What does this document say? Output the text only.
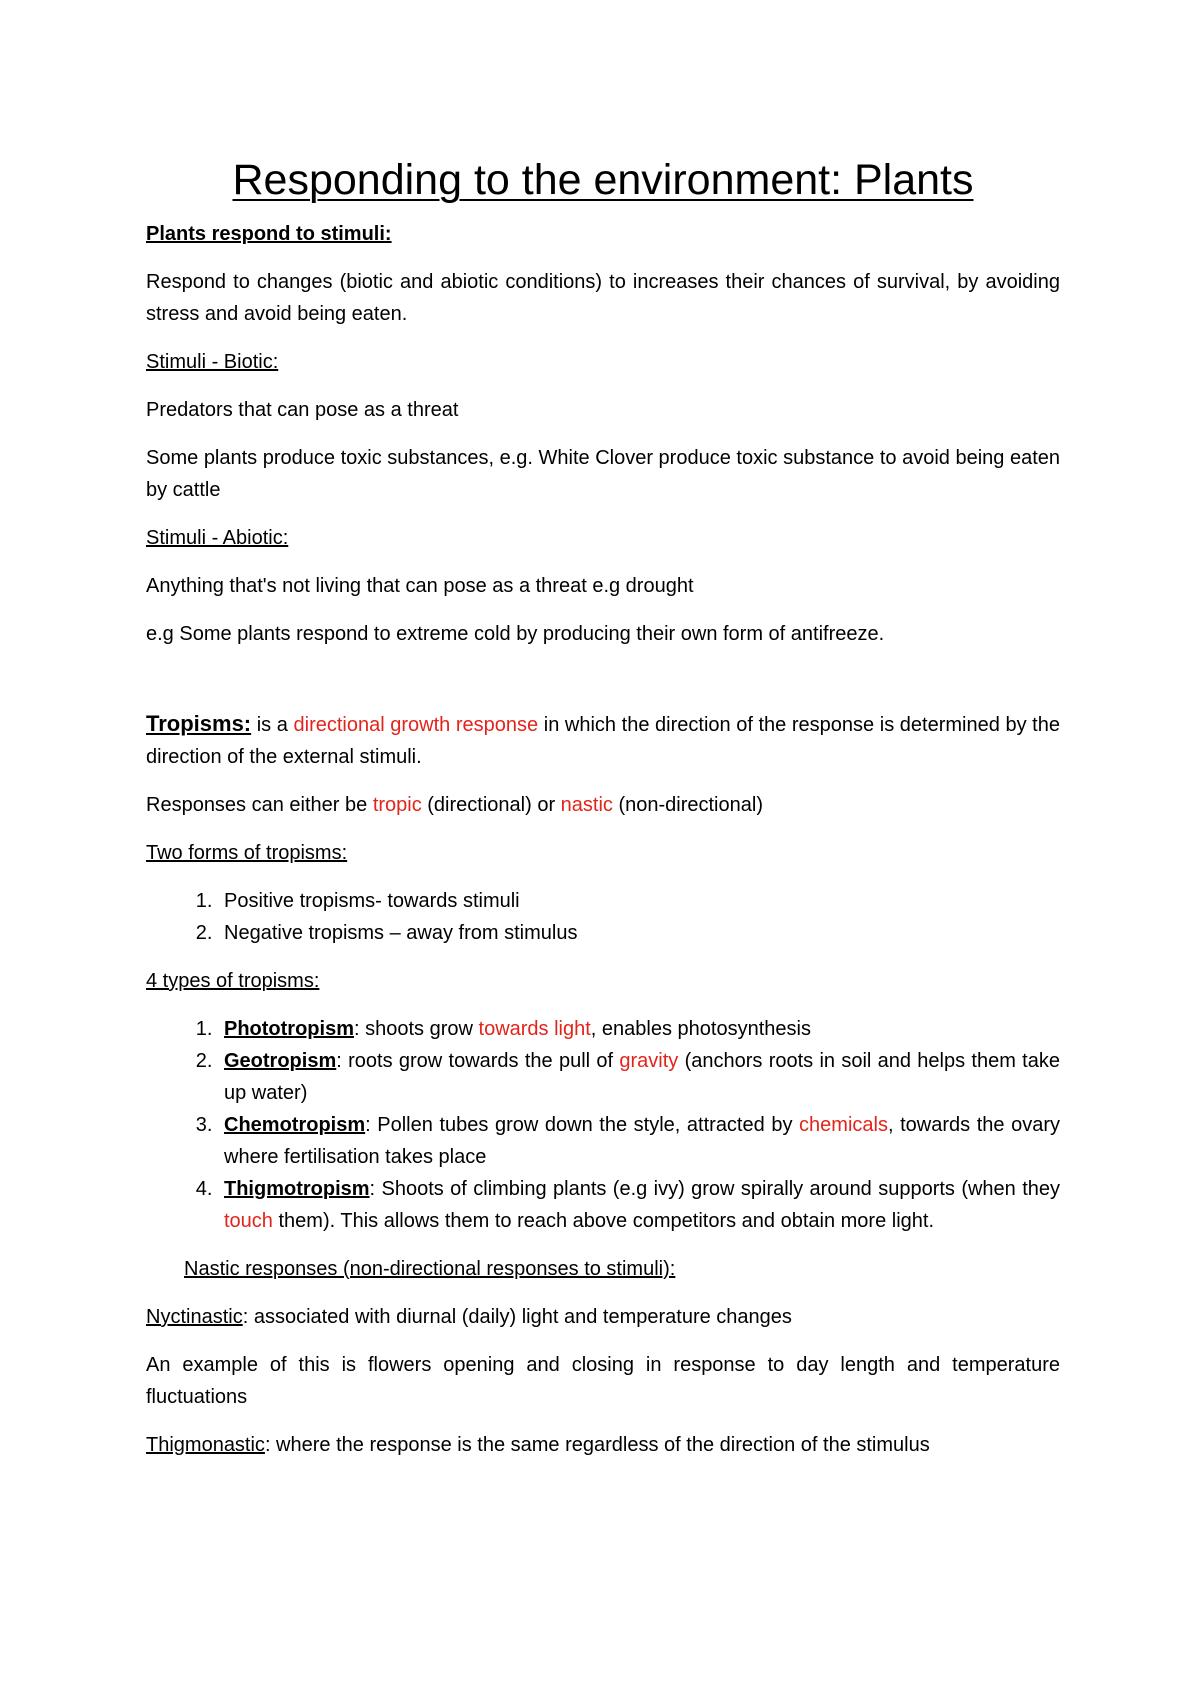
Responding to the environment: Plants

Plants respond to stimuli:

Respond to changes (biotic and abiotic conditions) to increases their chances of survival, by avoiding stress and avoid being eaten.

Stimuli - Biotic:

Predators that can pose as a threat

Some plants produce toxic substances, e.g. White Clover produce toxic substance to avoid being eaten by cattle

Stimuli - Abiotic:

Anything that's not living that can pose as a threat e.g drought

e.g Some plants respond to extreme cold by producing their own form of antifreeze.

Tropisms: is a directional growth response in which the direction of the response is determined by the direction of the external stimuli.

Responses can either be tropic (directional) or nastic (non-directional)

Two forms of tropisms:

1. Positive tropisms- towards stimuli
2. Negative tropisms – away from stimulus

4 types of tropisms:

1. Phototropism: shoots grow towards light, enables photosynthesis
2. Geotropism: roots grow towards the pull of gravity (anchors roots in soil and helps them take up water)
3. Chemotropism: Pollen tubes grow down the style, attracted by chemicals, towards the ovary where fertilisation takes place
4. Thigmotropism: Shoots of climbing plants (e.g ivy) grow spirally around supports (when they touch them). This allows them to reach above competitors and obtain more light.

Nastic responses (non-directional responses to stimuli):

Nyctinastic: associated with diurnal (daily) light and temperature changes

An example of this is flowers opening and closing in response to day length and temperature fluctuations

Thigmonastic: where the response is the same regardless of the direction of the stimulus
